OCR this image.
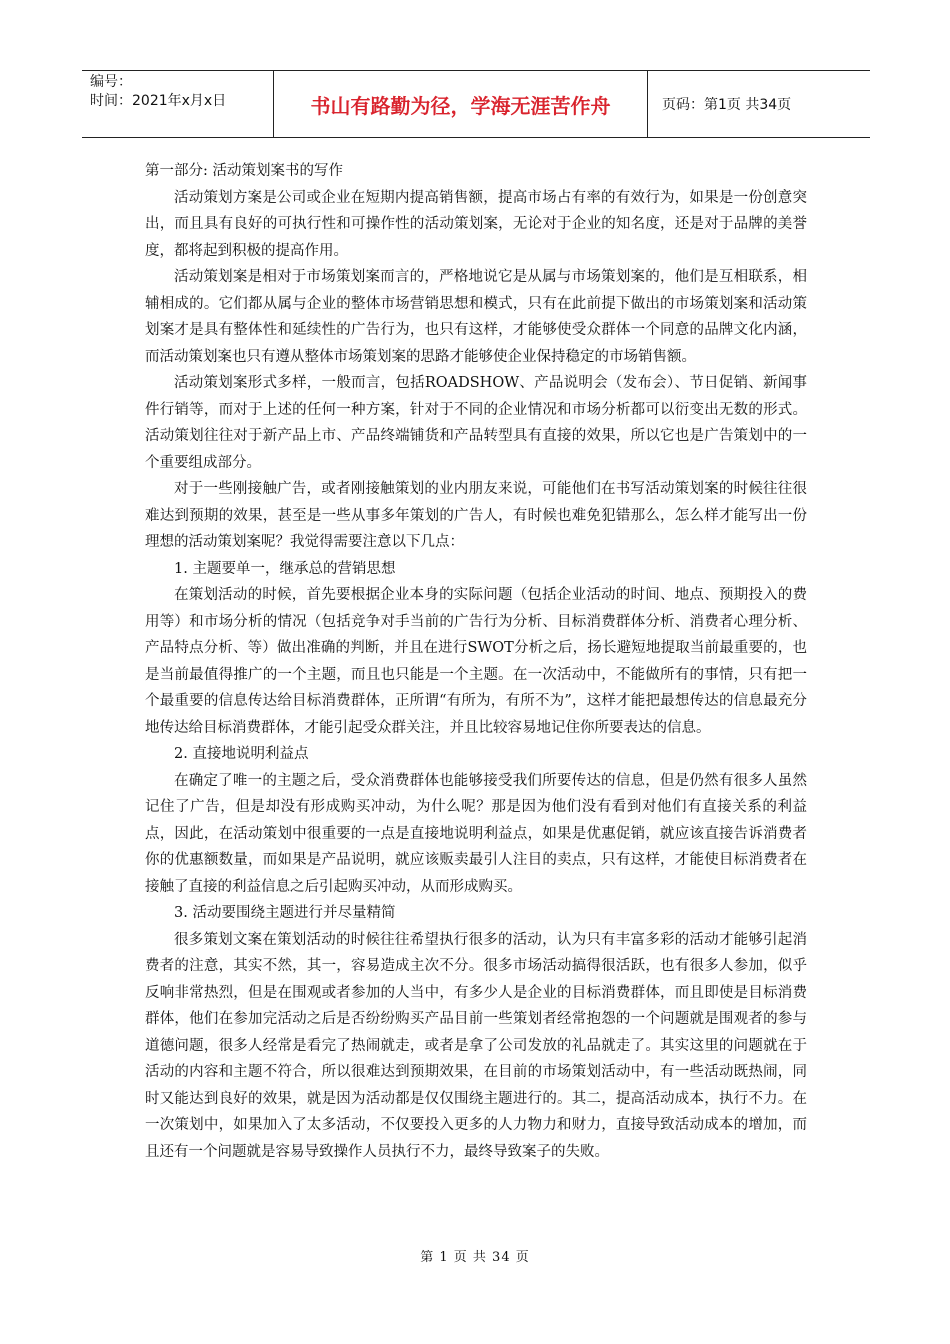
编号：
时间：2021年x月x日	书山有路勤为径，学海无涯苦作舟	页码：第1页 共34页

第一部分: 活动策划案书的写作

活动策划方案是公司或企业在短期内提高销售额，提高市场占有率的有效行为，如果是一份创意突出，而且具有良好的可执行性和可操作性的活动策划案，无论对于企业的知名度，还是对于品牌的美誉度，都将起到积极的提高作用。

活动策划案是相对于市场策划案而言的，严格地说它是从属与市场策划案的，他们是互相联系，相辅相成的。它们都从属与企业的整体市场营销思想和模式，只有在此前提下做出的市场策划案和活动策划案才是具有整体性和延续性的广告行为，也只有这样，才能够使受众群体一个同意的品牌文化内涵，而活动策划案也只有遵从整体市场策划案的思路才能够使企业保持稳定的市场销售额。

活动策划案形式多样，一般而言，包括ROADSHOW、产品说明会（发布会）、节日促销、新闻事件行销等，而对于上述的任何一种方案，针对于不同的企业情况和市场分析都可以衍变出无数的形式。活动策划往往对于新产品上市、产品终端铺货和产品转型具有直接的效果，所以它也是广告策划中的一个重要组成部分。

对于一些刚接触广告，或者刚接触策划的业内朋友来说，可能他们在书写活动策划案的时候往往很难达到预期的效果，甚至是一些从事多年策划的广告人，有时候也难免犯错那么，怎么样才能写出一份理想的活动策划案呢？我觉得需要注意以下几点：

1. 主题要单一，继承总的营销思想

在策划活动的时候，首先要根据企业本身的实际问题（包括企业活动的时间、地点、预期投入的费用等）和市场分析的情况（包括竞争对手当前的广告行为分析、目标消费群体分析、消费者心理分析、产品特点分析、等）做出准确的判断，并且在进行SWOT分析之后，扬长避短地提取当前最重要的，也是当前最值得推广的一个主题，而且也只能是一个主题。在一次活动中，不能做所有的事情，只有把一个最重要的信息传达给目标消费群体，正所谓“有所为，有所不为”，这样才能把最想传达的信息最充分地传达给目标消费群体，才能引起受众群关注，并且比较容易地记住你所要表达的信息。

2. 直接地说明利益点

在确定了唯一的主题之后，受众消费群体也能够接受我们所要传达的信息，但是仍然有很多人虽然记住了广告，但是却没有形成购买冲动，为什么呢？那是因为他们没有看到对他们有直接关系的利益点，因此，在活动策划中很重要的一点是直接地说明利益点，如果是优惠促销，就应该直接告诉消费者你的优惠额数量，而如果是产品说明，就应该贩卖最引人注目的卖点，只有这样，才能使目标消费者在接触了直接的利益信息之后引起购买冲动，从而形成购买。

3. 活动要围绕主题进行并尽量精简

很多策划文案在策划活动的时候往往希望执行很多的活动，认为只有丰富多彩的活动才能够引起消费者的注意，其实不然，其一，容易造成主次不分。很多市场活动搞得很活跃，也有很多人参加，似乎反响非常热烈，但是在围观或者参加的人当中，有多少人是企业的目标消费群体，而且即使是目标消费群体，他们在参加完活动之后是否纷纷购买产品目前一些策划者经常抱怨的一个问题就是围观者的参与道德问题，很多人经常是看完了热闹就走，或者是拿了公司发放的礼品就走了。其实这里的问题就在于活动的内容和主题不符合，所以很难达到预期效果，在目前的市场策划活动中，有一些活动既热闹，同时又能达到良好的效果，就是因为活动都是仅仅围绕主题进行的。其二，提高活动成本，执行不力。在一次策划中，如果加入了太多活动，不仅要投入更多的人力物力和财力，直接导致活动成本的增加，而且还有一个问题就是容易导致操作人员执行不力，最终导致案子的失败。

第 1 页 共 34 页
